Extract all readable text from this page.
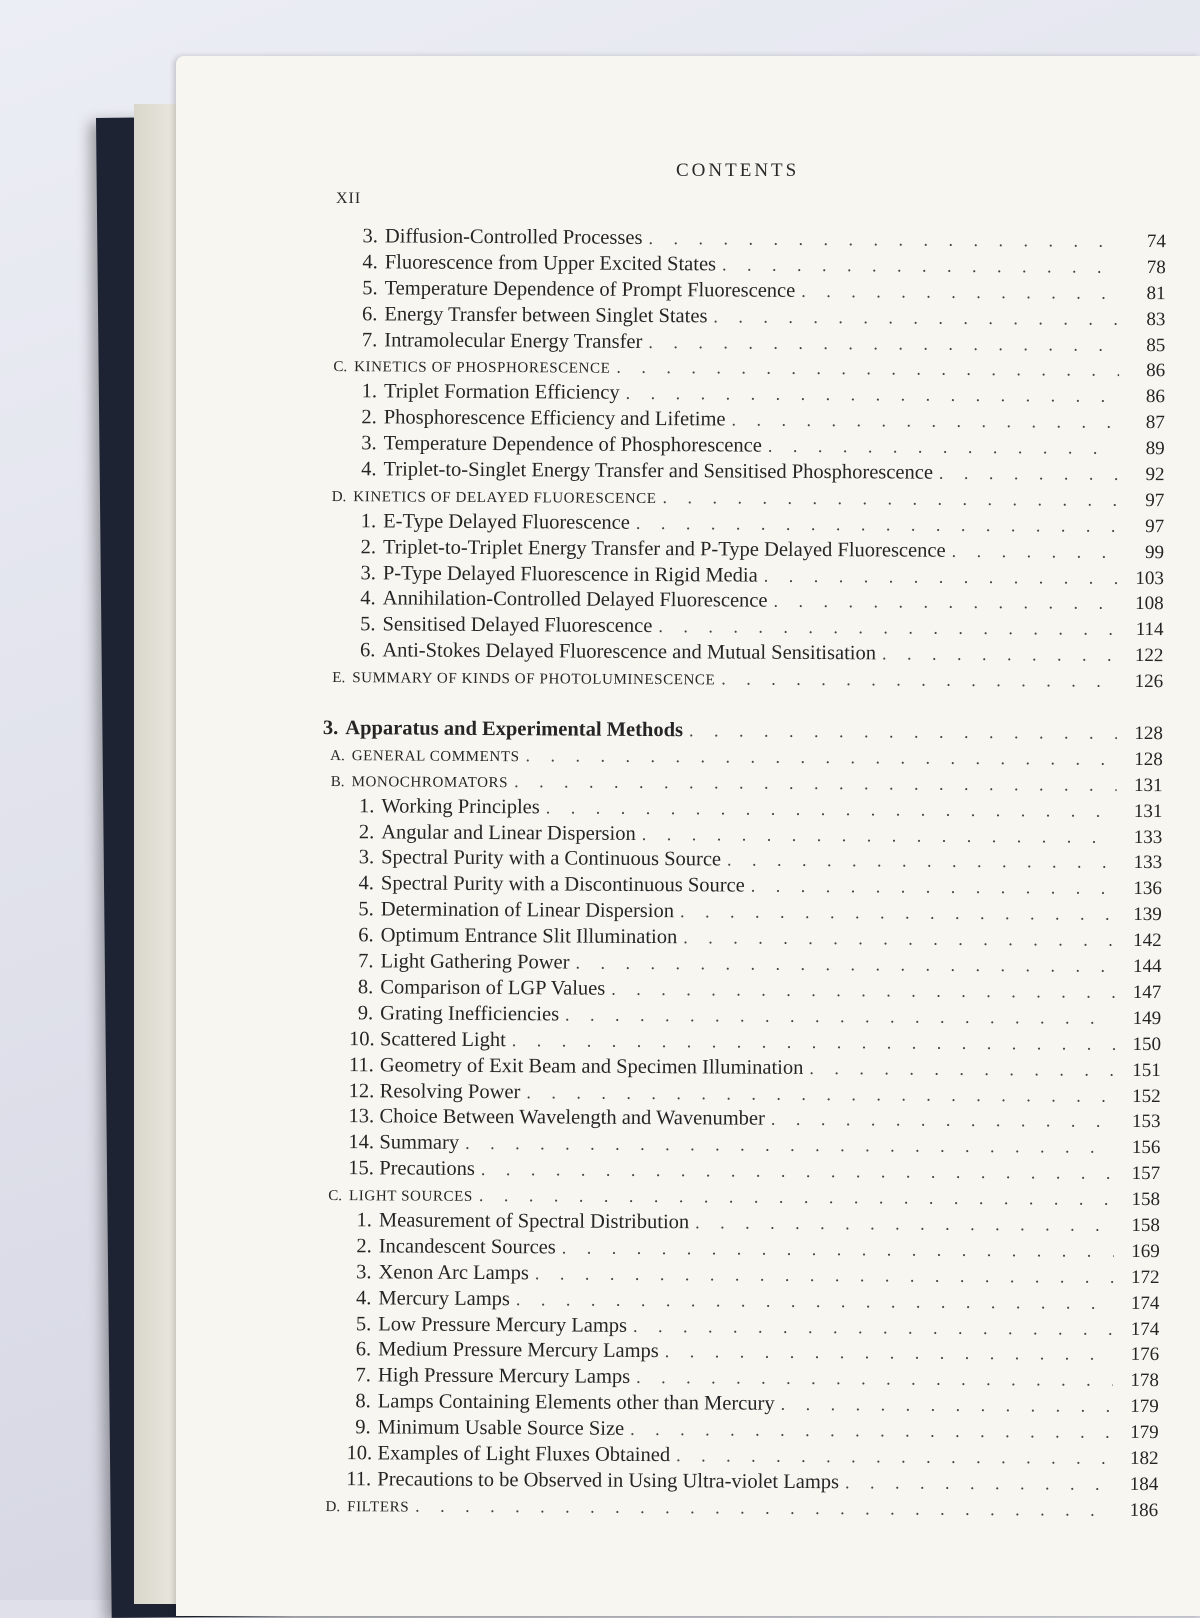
CONTENTS
XII
3. Diffusion-Controlled Processes . . .	74
4. Fluorescence from Upper Excited States . . .	78
5. Temperature Dependence of Prompt Fluorescence . . .	81
6. Energy Transfer between Singlet States . . .	83
7. Intramolecular Energy Transfer . . .	85
C. KINETICS OF PHOSPHORESCENCE . . .	86
1. Triplet Formation Efficiency . . .	86
2. Phosphorescence Efficiency and Lifetime . . .	87
3. Temperature Dependence of Phosphorescence . . .	89
4. Triplet-to-Singlet Energy Transfer and Sensitised Phosphorescence . . .	92
D. KINETICS OF DELAYED FLUORESCENCE . . .	97
1. E-Type Delayed Fluorescence . . .	97
2. Triplet-to-Triplet Energy Transfer and P-Type Delayed Fluorescence . . .	99
3. P-Type Delayed Fluorescence in Rigid Media . . .	103
4. Annihilation-Controlled Delayed Fluorescence . . .	108
5. Sensitised Delayed Fluorescence . . .	114
6. Anti-Stokes Delayed Fluorescence and Mutual Sensitisation . . .	122
E. SUMMARY OF KINDS OF PHOTOLUMINESCENCE . . .	126
3. Apparatus and Experimental Methods . . .	128
A. GENERAL COMMENTS . . .	128
B. MONOCHROMATORS . . .	131
1. Working Principles . . .	131
2. Angular and Linear Dispersion . . .	133
3. Spectral Purity with a Continuous Source . . .	133
4. Spectral Purity with a Discontinuous Source . . .	136
5. Determination of Linear Dispersion . . .	139
6. Optimum Entrance Slit Illumination . . .	142
7. Light Gathering Power . . .	144
8. Comparison of LGP Values . . .	147
9. Grating Inefficiencies . . .	149
10. Scattered Light . . .	150
11. Geometry of Exit Beam and Specimen Illumination . . .	151
12. Resolving Power . . .	152
13. Choice Between Wavelength and Wavenumber . . .	153
14. Summary . . .	156
15. Precautions . . .	157
C. LIGHT SOURCES . . .	158
1. Measurement of Spectral Distribution . . .	158
2. Incandescent Sources . . .	169
3. Xenon Arc Lamps . . .	172
4. Mercury Lamps . . .	174
5. Low Pressure Mercury Lamps . . .	174
6. Medium Pressure Mercury Lamps . . .	176
7. High Pressure Mercury Lamps . . .	178
8. Lamps Containing Elements other than Mercury . . .	179
9. Minimum Usable Source Size . . .	179
10. Examples of Light Fluxes Obtained . . .	182
11. Precautions to be Observed in Using Ultra-violet Lamps . . .	184
D. FILTERS . . .	186
